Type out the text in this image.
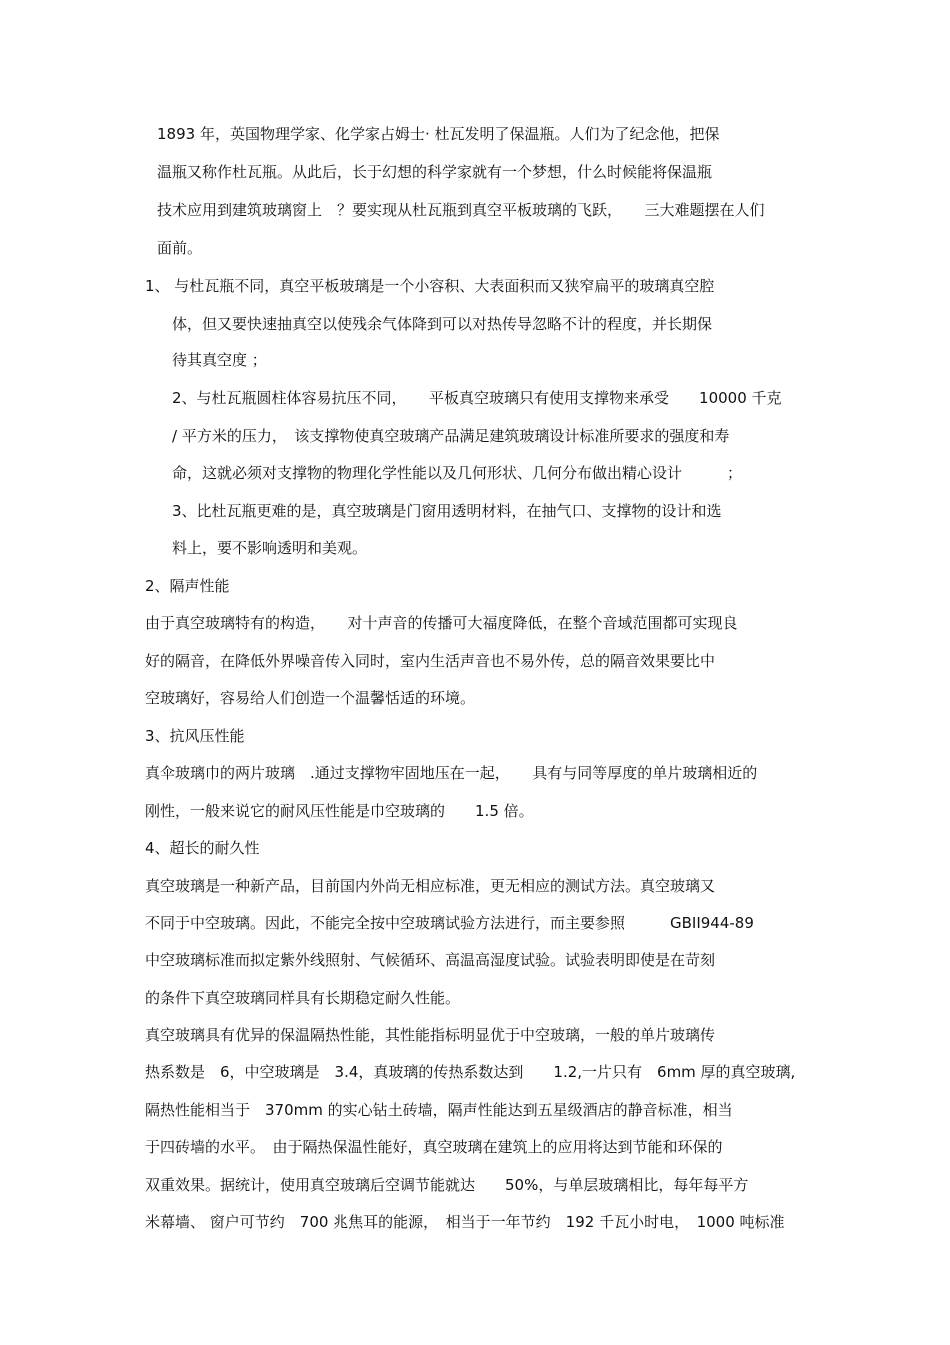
1893 年，英国物理学家、化学家占姆士· 杜瓦发明了保温瓶。人们为了纪念他，把保

温瓶又称作杜瓦瓶。从此后，长于幻想的科学家就有一个梦想，什么时候能将保温瓶

技术应用到建筑玻璃窗上　？要实现从杜瓦瓶到真空平板玻璃的飞跃，　　三大难题摆在人们

面前。

1、 与杜瓦瓶不同，真空平板玻璃是一个小容积、大表面积而又狭窄扁平的玻璃真空腔

体，但又要快速抽真空以使残余气体降到可以对热传导忽略不计的程度，并长期保

待其真空度 ；

2、与杜瓦瓶圆柱体容易抗压不同，　　平板真空玻璃只有使用支撑物来承受　　10000 千克

/ 平方米的压力，　该支撑物使真空玻璃产品满足建筑玻璃设计标准所要求的强度和寿

命，这就必须对支撑物的物理化学性能以及几何形状、几何分布做出精心设计　　　；

3、比杜瓦瓶更难的是，真空玻璃是门窗用透明材料，在抽气口、支撑物的设计和选

料上，要不影响透明和美观。

2、隔声性能

由于真空玻璃特有的构造，　　对十声音的传播可大福度降低，在整个音域范围都可实现良

好的隔音，在降低外界噪音传入同时，室内生活声音也不易外传，总的隔音效果要比中

空玻璃好，容易给人们创造一个温馨恬适的环境。

3、抗风压性能

真伞玻璃巾的两片玻璃　.通过支撑物牢固地压在一起，　　具有与同等厚度的单片玻璃相近的

刚性，一般来说它的耐风压性能是巾空玻璃的　　1.5 倍。

4、超长的耐久性

真空玻璃是一种新产品，目前国内外尚无相应标准，更无相应的测试方法。真空玻璃又

不同于中空玻璃。因此，不能完全按中空玻璃试验方法进行，而主要参照　　　GBII944-89

中空玻璃标准而拟定紫外线照射、气候循环、高温高湿度试验。试验表明即使是在苛刻

的条件下真空玻璃同样具有长期稳定耐久性能。

真空玻璃具有优异的保温隔热性能，其性能指标明显优于中空玻璃，一般的单片玻璃传

热系数是　6，中空玻璃是　3.4，真玻璃的传热系数达到　　1.2,一片只有　6mm 厚的真空玻璃,

隔热性能相当于　370mm 的实心钻土砖墙，隔声性能达到五星级酒店的静音标准，相当

于四砖墙的水平。　由于隔热保温性能好，真空玻璃在建筑上的应用将达到节能和环保的

双重效果。据统计，使用真空玻璃后空调节能就达　　50%，与单层玻璃相比，每年每平方

米幕墙、 窗户可节约　700 兆焦耳的能源，　相当于一年节约　192 千瓦小时电，　1000 吨标准
